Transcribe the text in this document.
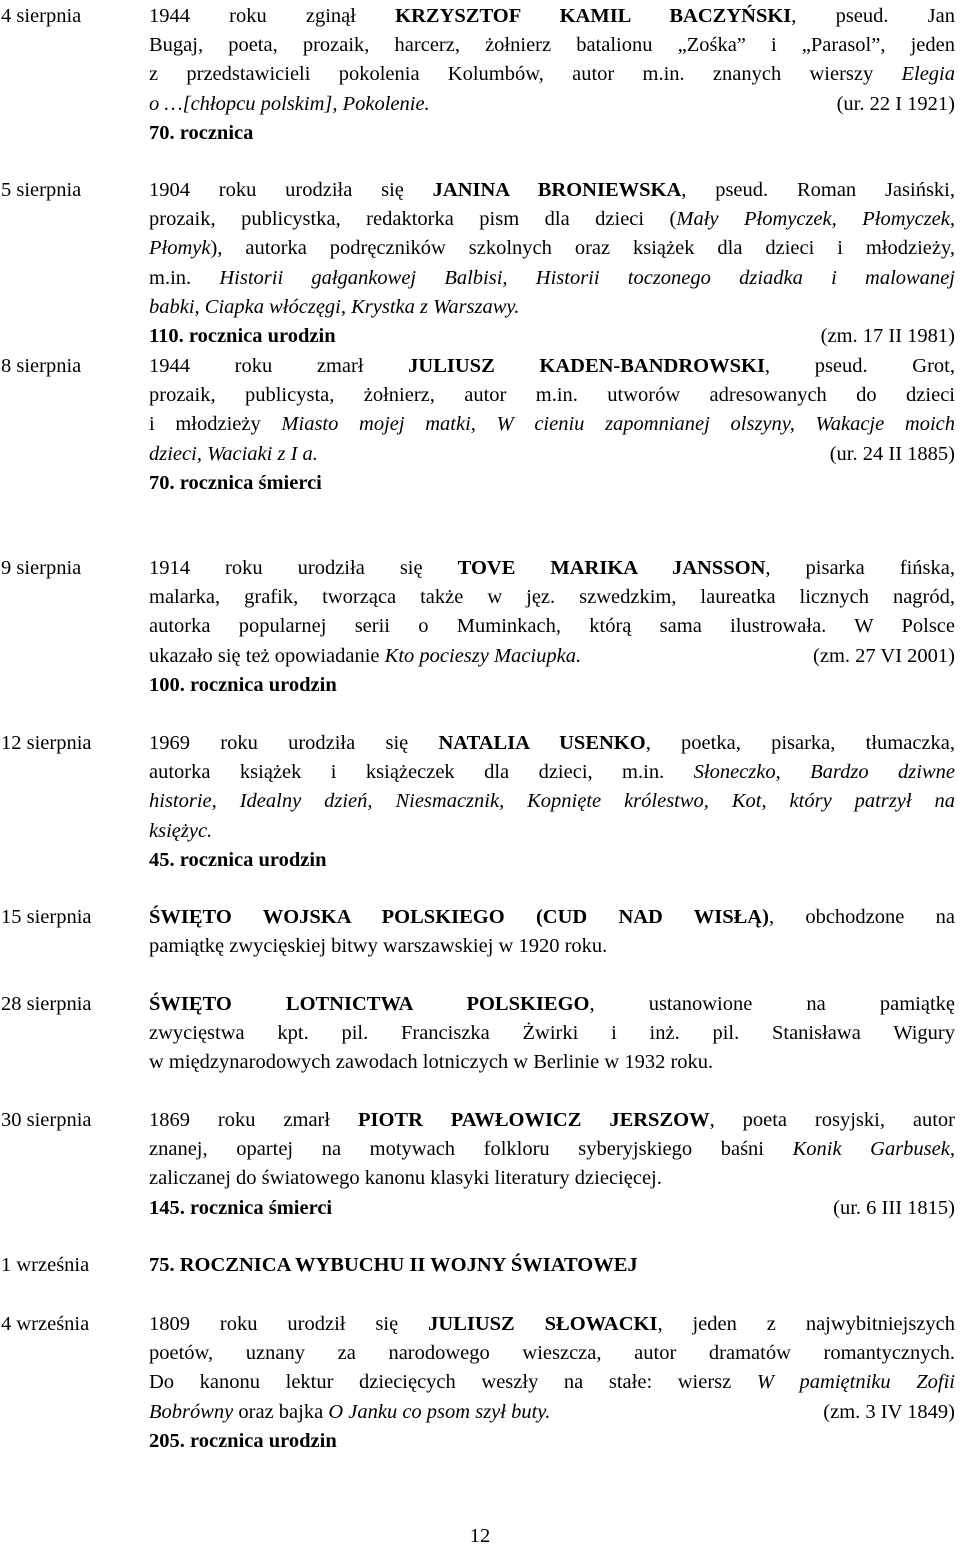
4 sierpnia	1944 roku zginął KRZYSZTOF KAMIL BACZYŃSKI, pseud. Jan
Bugaj, poeta, prozaik, harcerz, żołnierz batalionu „Zośka” i „Parasol”, jeden
z przedstawicieli pokolenia Kolumbów, autor m.in. znanych wierszy Elegia
o …[chłopcu polskim], Pokolenie.	(ur. 22 I 1921)
70. rocznica
5 sierpnia	1904 roku urodziła się JANINA BRONIEWSKA, pseud. Roman Jasiński,
prozaik, publicystka, redaktorka pism dla dzieci (Mały Płomyczek, Płomyczek,
Płomyk), autorka podręczników szkolnych oraz książek dla dzieci i młodzieży,
m.in. Historii gałgankowej Balbisi, Historii toczonego dziadka i malowanej
babki, Ciapka włóczęgi, Krystka z Warszawy.
110. rocznica urodzin	(zm. 17 II 1981)
8 sierpnia	1944 roku zmarł JULIUSZ KADEN-BANDROWSKI, pseud. Grot,
prozaik, publicysta, żołnierz, autor m.in. utworów adresowanych do dzieci
i młodzieży Miasto mojej matki, W cieniu zapomnianej olszyny, Wakacje moich
dzieci, Waciaki z I a.	(ur. 24 II 1885)
70. rocznica śmierci
9 sierpnia	1914 roku urodziła się TOVE MARIKA JANSSON, pisarka fińska,
malarka, grafik, tworząca także w jęz. szwedzkim, laureatka licznych nagród,
autorka popularnej serii o Muminkach, którą sama ilustrowała. W Polsce
ukazało się też opowiadanie Kto pocieszy Maciupka.	(zm. 27 VI 2001)
100. rocznica urodzin
12 sierpnia	1969 roku urodziła się NATALIA USENKO, poetka, pisarka, tłumaczka,
autorka książek i książeczek dla dzieci, m.in. Słoneczko, Bardzo dziwne
historie, Idealny dzień, Niesmacznik, Kopnięte królestwo, Kot, który patrzył na
księżyc.
45. rocznica urodzin
15 sierpnia	ŚWIĘTO WOJSKA POLSKIEGO (CUD NAD WISŁĄ), obchodzone na
pamiątkę zwycięskiej bitwy warszawskiej w 1920 roku.
28 sierpnia	ŚWIĘTO LOTNICTWA POLSKIEGO, ustanowione na pamiątkę
zwycięstwa kpt. pil. Franciszka Żwirki i inż. pil. Stanisława Wigury
w międzynarodowych zawodach lotniczych w Berlinie w 1932 roku.
30 sierpnia	1869 roku zmarł PIOTR PAWŁOWICZ JERSZOW, poeta rosyjski, autor
znanej, opartej na motywach folkloru syberyjskiego baśni Konik Garbusek,
zaliczanej do światowego kanonu klasyki literatury dziecięcej.
145. rocznica śmierci	(ur. 6 III 1815)
1 września	75. ROCZNICA WYBUCHU II WOJNY ŚWIATOWEJ
4 września	1809 roku urodził się JULIUSZ SŁOWACKI, jeden z najwybitniejszych
poetów, uznany za narodowego wieszcza, autor dramatów romantycznych.
Do kanonu lektur dziecięcych weszły na stałe: wiersz W pamiętniku Zofii
Bobrówny oraz bajka O Janku co psom szył buty.	(zm. 3 IV 1849)
205. rocznica urodzin
12
